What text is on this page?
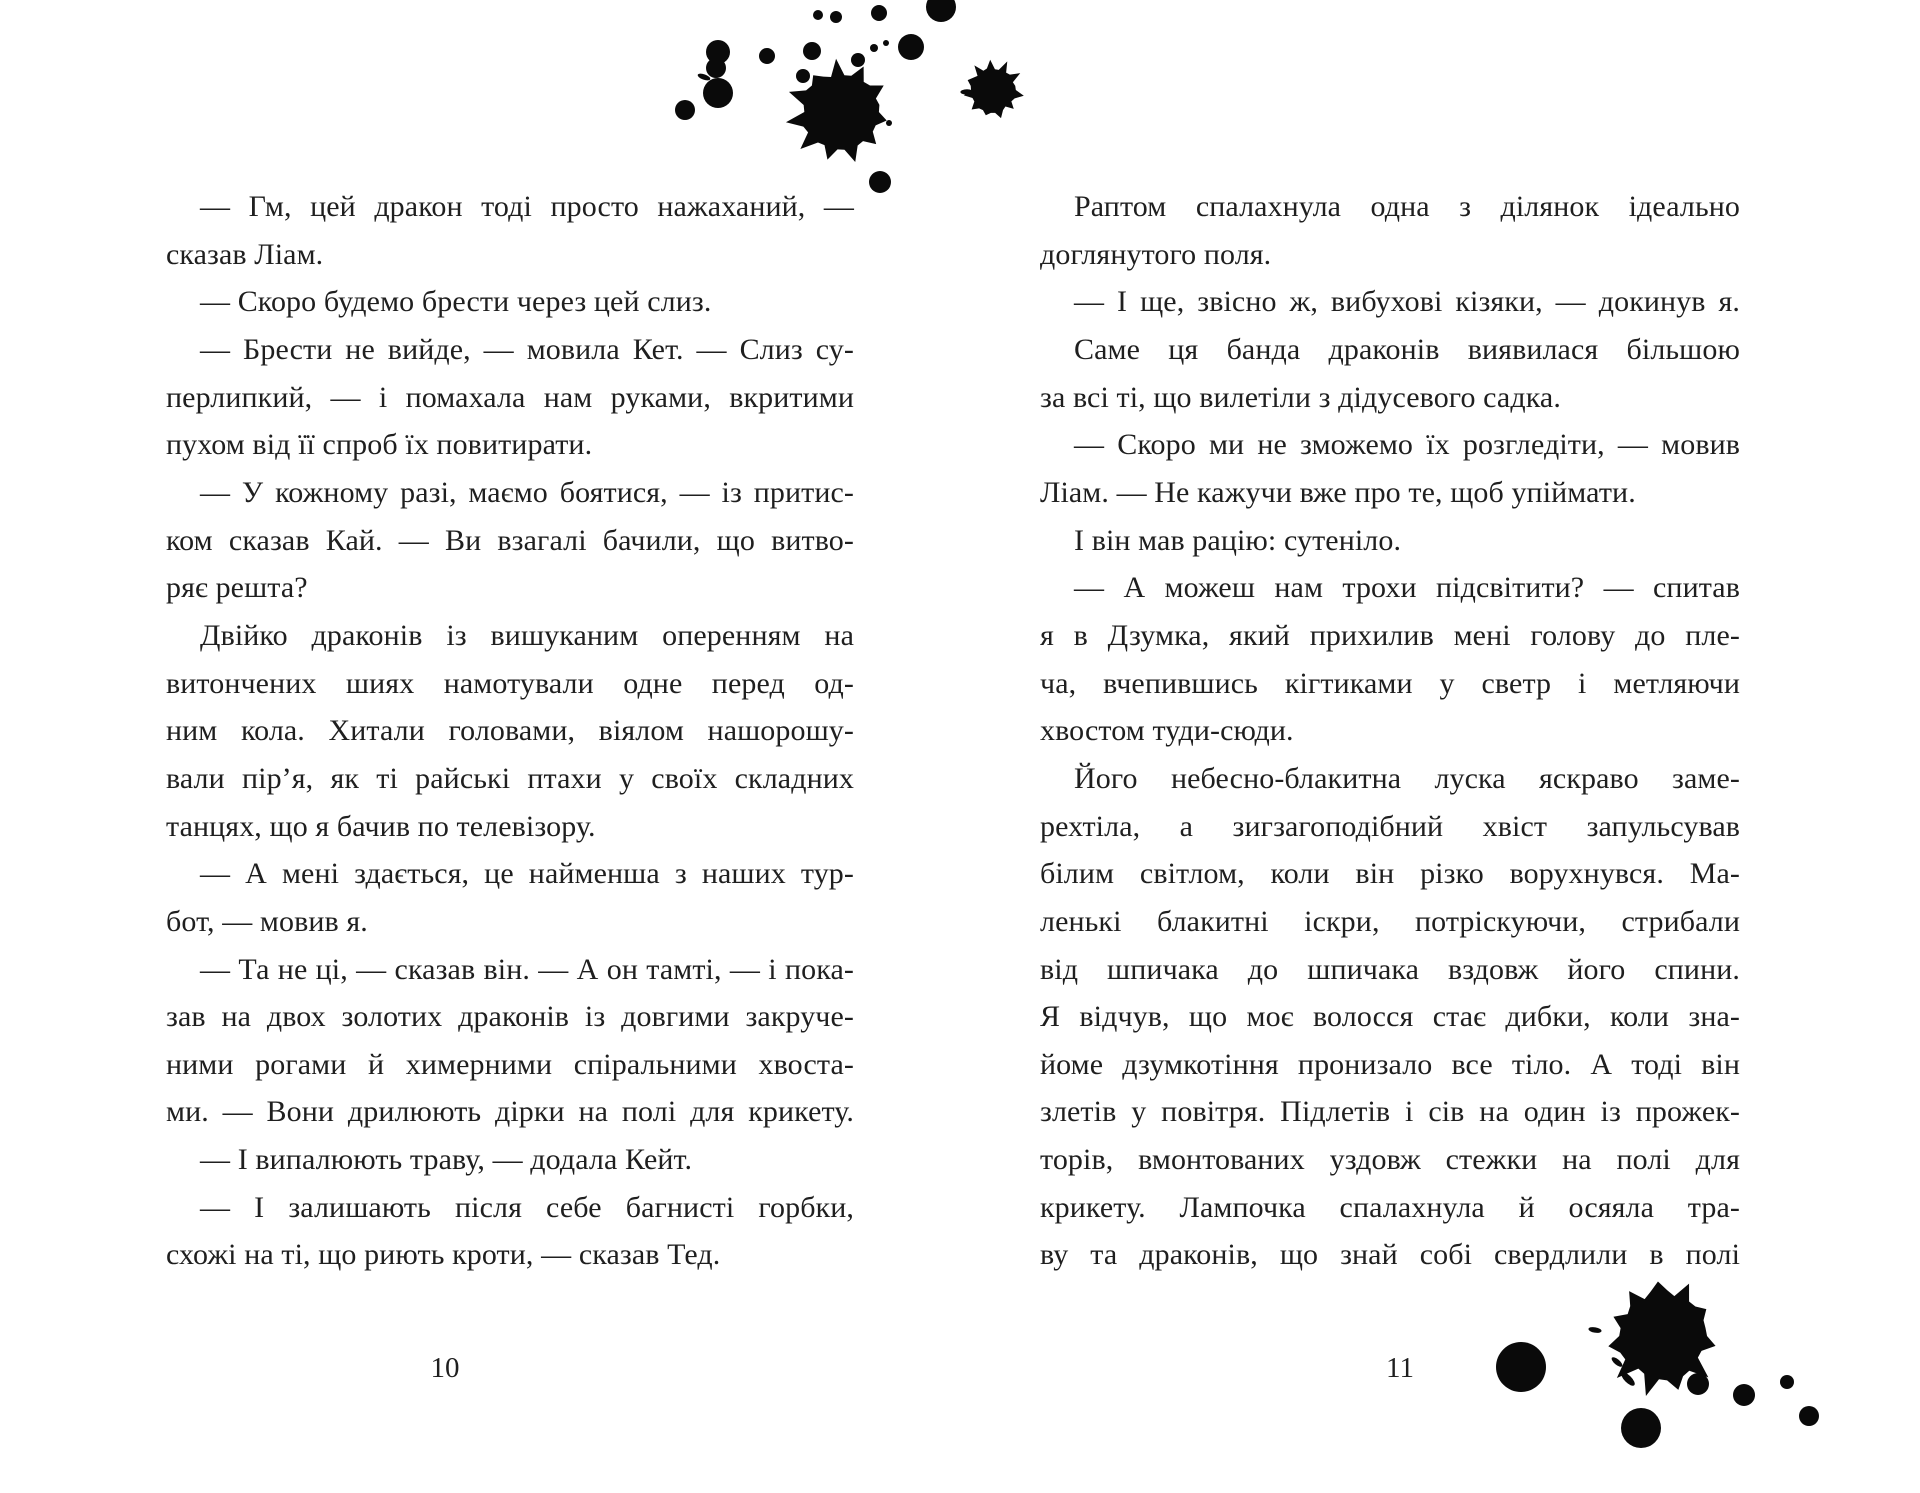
— Гм, цей дракон тоді просто нажаханий, —
сказав Ліам.
— Скоро будемо брести через цей слиз.
— Брести не вийде, — мовила Кет. — Слиз су-
перлипкий, — і помахала нам руками, вкритими
пухом від її спроб їх повитирати.
— У кожному разі, маємо боятися, — із притис-
ком сказав Кай. — Ви взагалі бачили, що витво-
ряє решта?
Двійко драконів із вишуканим оперенням на
витончених шиях намотували одне перед од-
ним кола. Хитали головами, віялом нашорошу-
вали пір’я, як ті райські птахи у своїх складних
танцях, що я бачив по телевізору.
— А мені здається, це найменша з наших тур-
бот, — мовив я.
— Та не ці, — сказав він. — А он тамті, — і пока-
зав на двох золотих драконів із довгими закруче-
ними рогами й химерними спіральними хвоста-
ми. — Вони дрилюють дірки на полі для крикету.
— І випалюють траву, — додала Кейт.
— І залишають після себе багнисті горбки,
схожі на ті, що риють кроти, — сказав Тед.
Раптом спалахнула одна з ділянок ідеально
доглянутого поля.
— І ще, звісно ж, вибухові кізяки, — докинув я.
Саме ця банда драконів виявилася більшою
за всі ті, що вилетіли з дідусевого садка.
— Скоро ми не зможемо їх розгледіти, — мовив
Ліам. — Не кажучи вже про те, щоб упіймати.
І він мав рацію: сутеніло.
— А можеш нам трохи підсвітити? — спитав
я в Дзумка, який прихилив мені голову до пле-
ча, вчепившись кігтиками у светр і метляючи
хвостом туди-сюди.
Його небесно-блакитна луска яскраво заме-
рехтіла, а зигзагоподібний хвіст запульсував
білим світлом, коли він різко ворухнувся. Ма-
ленькі блакитні іскри, потріскуючи, стрибали
від шпичака до шпичака вздовж його спини.
Я відчув, що моє волосся стає дибки, коли зна-
йоме дзумкотіння пронизало все тіло. А тоді він
злетів у повітря. Підлетів і сів на один із прожек-
торів, вмонтованих уздовж стежки на полі для
крикету. Лампочка спалахнула й осяяла тра-
ву та драконів, що знай собі свердлили в полі
10	11
